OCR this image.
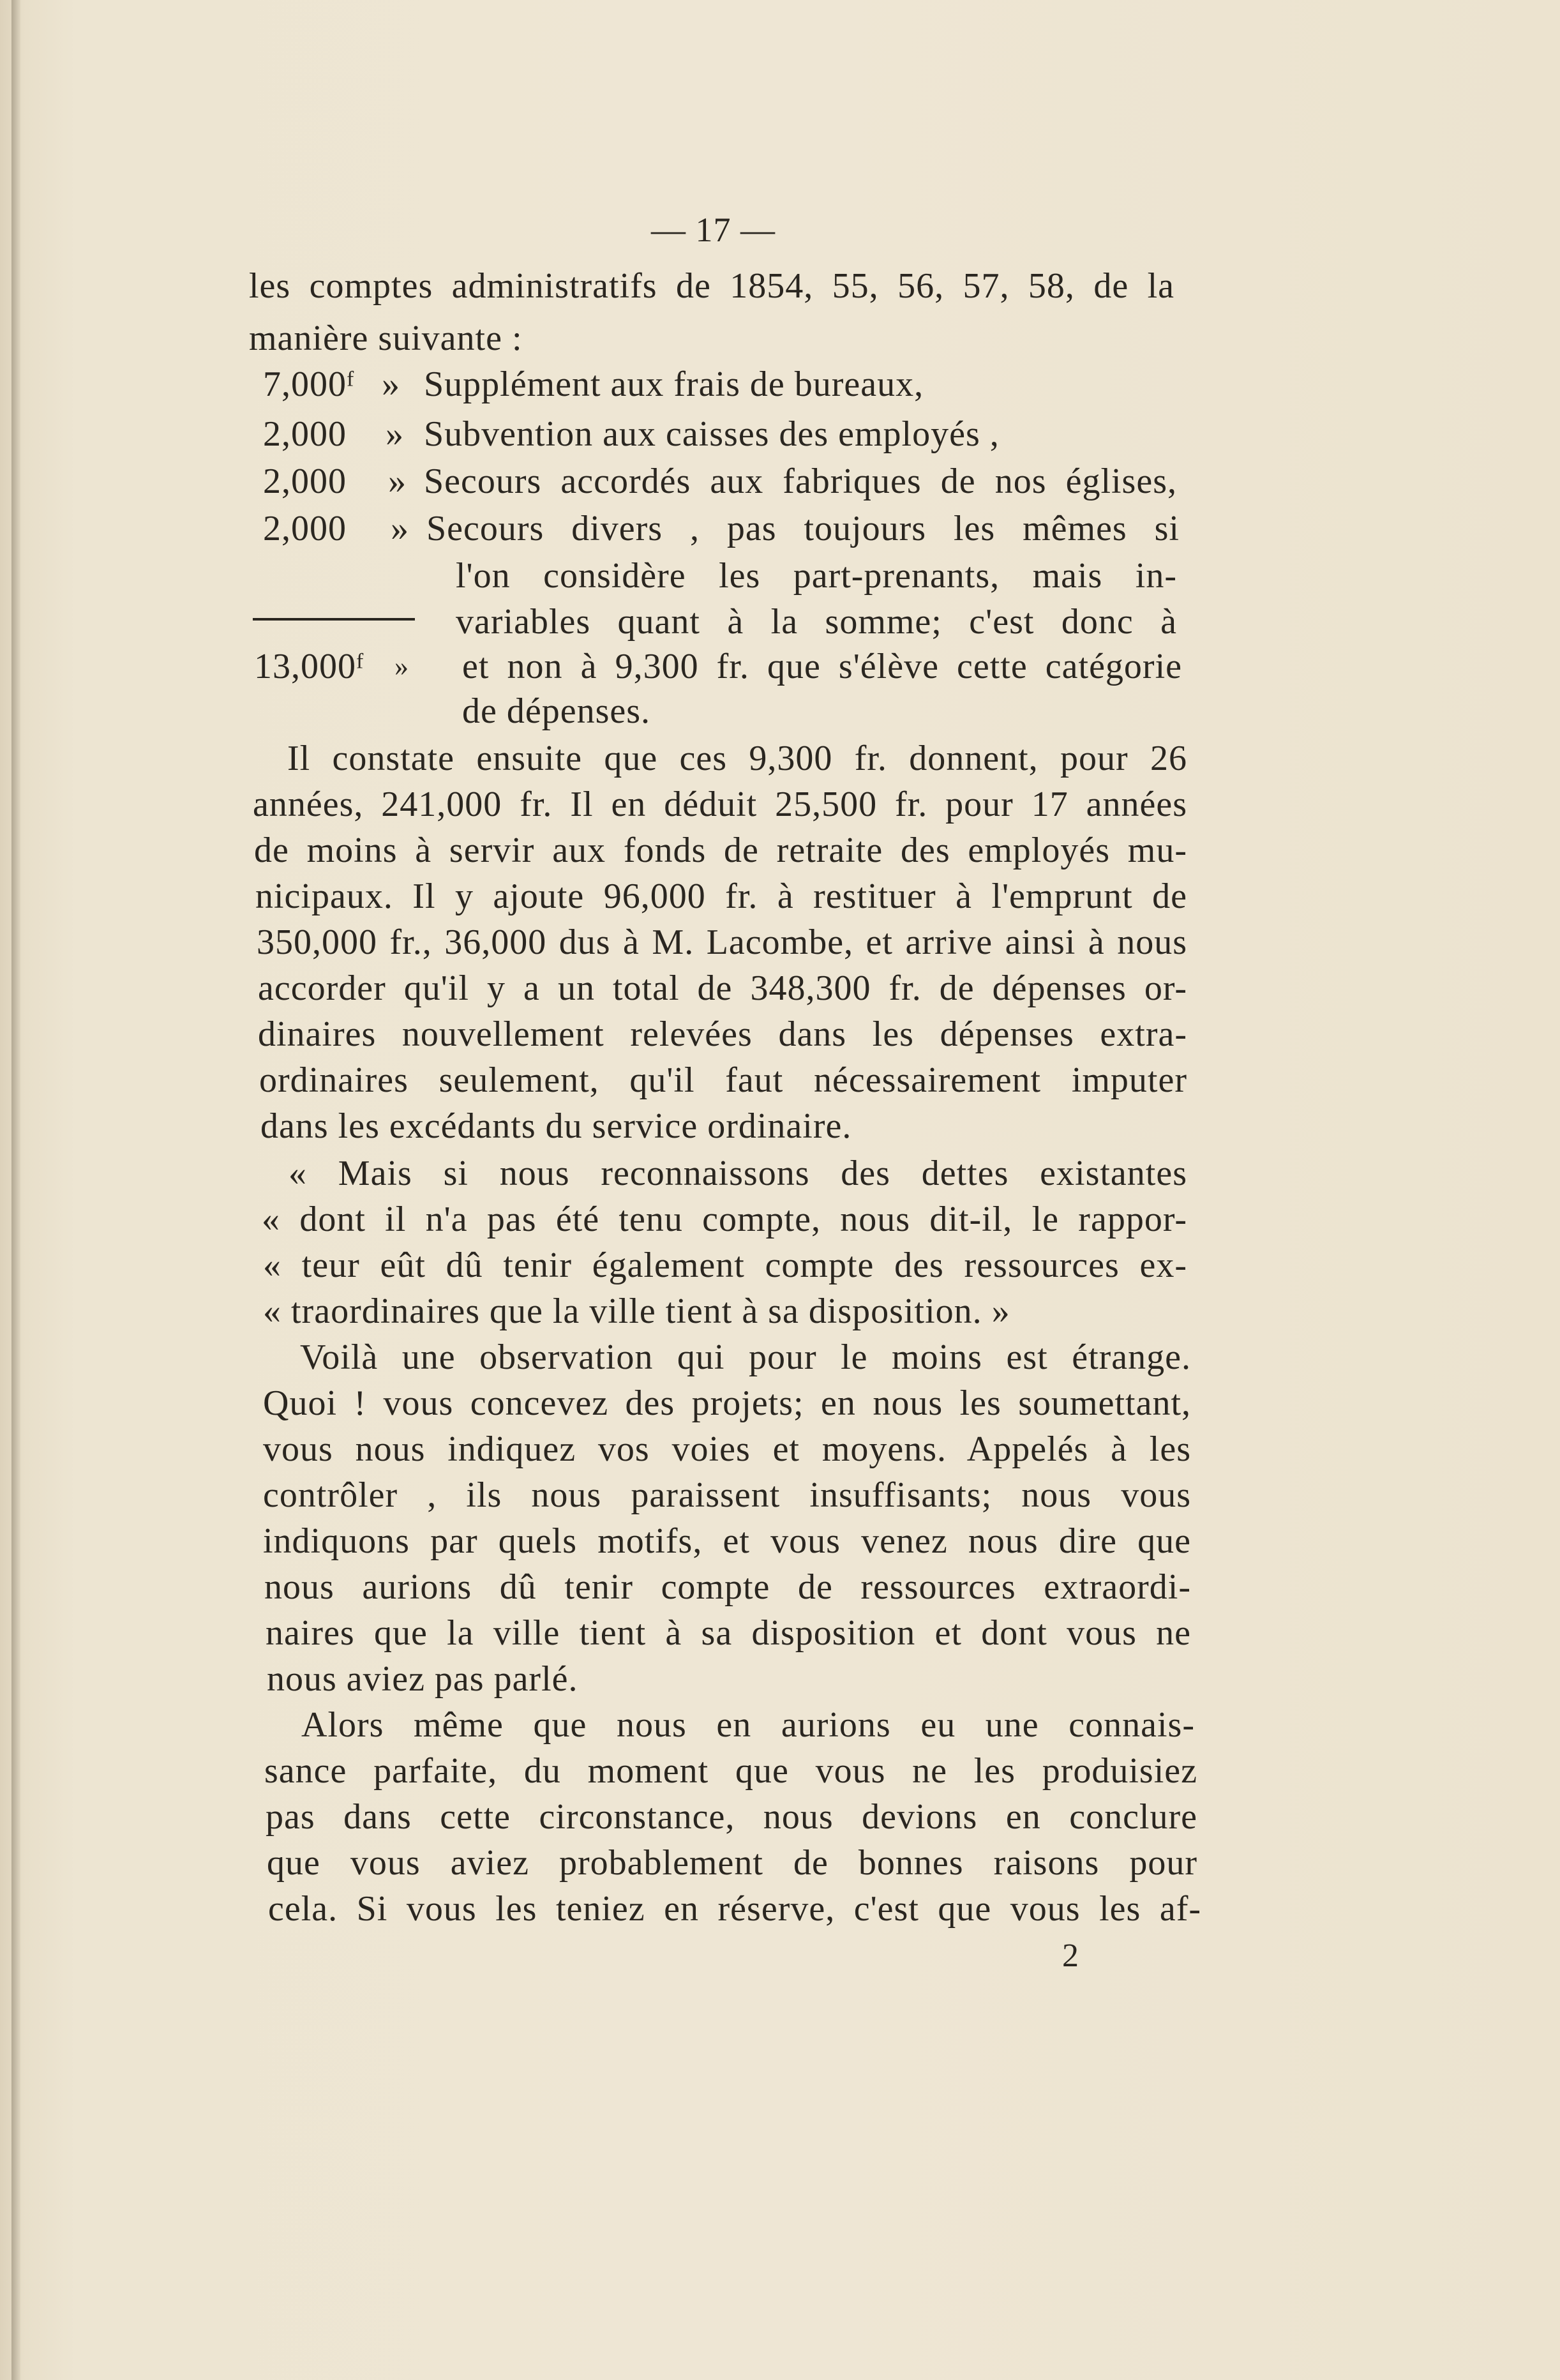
— 17 —
les comptes administratifs de 1854, 55, 56, 57, 58, de la
manière suivante :
7,000ᶠ » Supplément aux frais de bureaux,
2,000 » Subvention aux caisses des employés ,
2,000 » Secours accordés aux fabriques de nos églises,
2,000 » Secours divers , pas toujours les mêmes si
l'on considère les part-prenants, mais in-
variables quant à la somme; c'est donc à
13,000ᶠ » et non à 9,300 fr. que s'élève cette catégorie
de dépenses.
Il constate ensuite que ces 9,300 fr. donnent, pour 26
années, 241,000 fr. Il en déduit 25,500 fr. pour 17 années
de moins à servir aux fonds de retraite des employés mu-
nicipaux. Il y ajoute 96,000 fr. à restituer à l'emprunt de
350,000 fr., 36,000 dus à M. Lacombe, et arrive ainsi à nous
accorder qu'il y a un total de 348,300 fr. de dépenses or-
dinaires nouvellement relevées dans les dépenses extra-
ordinaires seulement, qu'il faut nécessairement imputer
dans les excédants du service ordinaire.
« Mais si nous reconnaissons des dettes existantes
« dont il n'a pas été tenu compte, nous dit-il, le rappor-
« teur eût dû tenir également compte des ressources ex-
« traordinaires que la ville tient à sa disposition. »
Voilà une observation qui pour le moins est étrange.
Quoi ! vous concevez des projets; en nous les soumettant,
vous nous indiquez vos voies et moyens. Appelés à les
contrôler , ils nous paraissent insuffisants; nous vous
indiquons par quels motifs, et vous venez nous dire que
nous aurions dû tenir compte de ressources extraordi-
naires que la ville tient à sa disposition et dont vous ne
nous aviez pas parlé.
Alors même que nous en aurions eu une connais-
sance parfaite, du moment que vous ne les produisiez
pas dans cette circonstance, nous devions en conclure
que vous aviez probablement de bonnes raisons pour
cela. Si vous les teniez en réserve, c'est que vous les af-
2
